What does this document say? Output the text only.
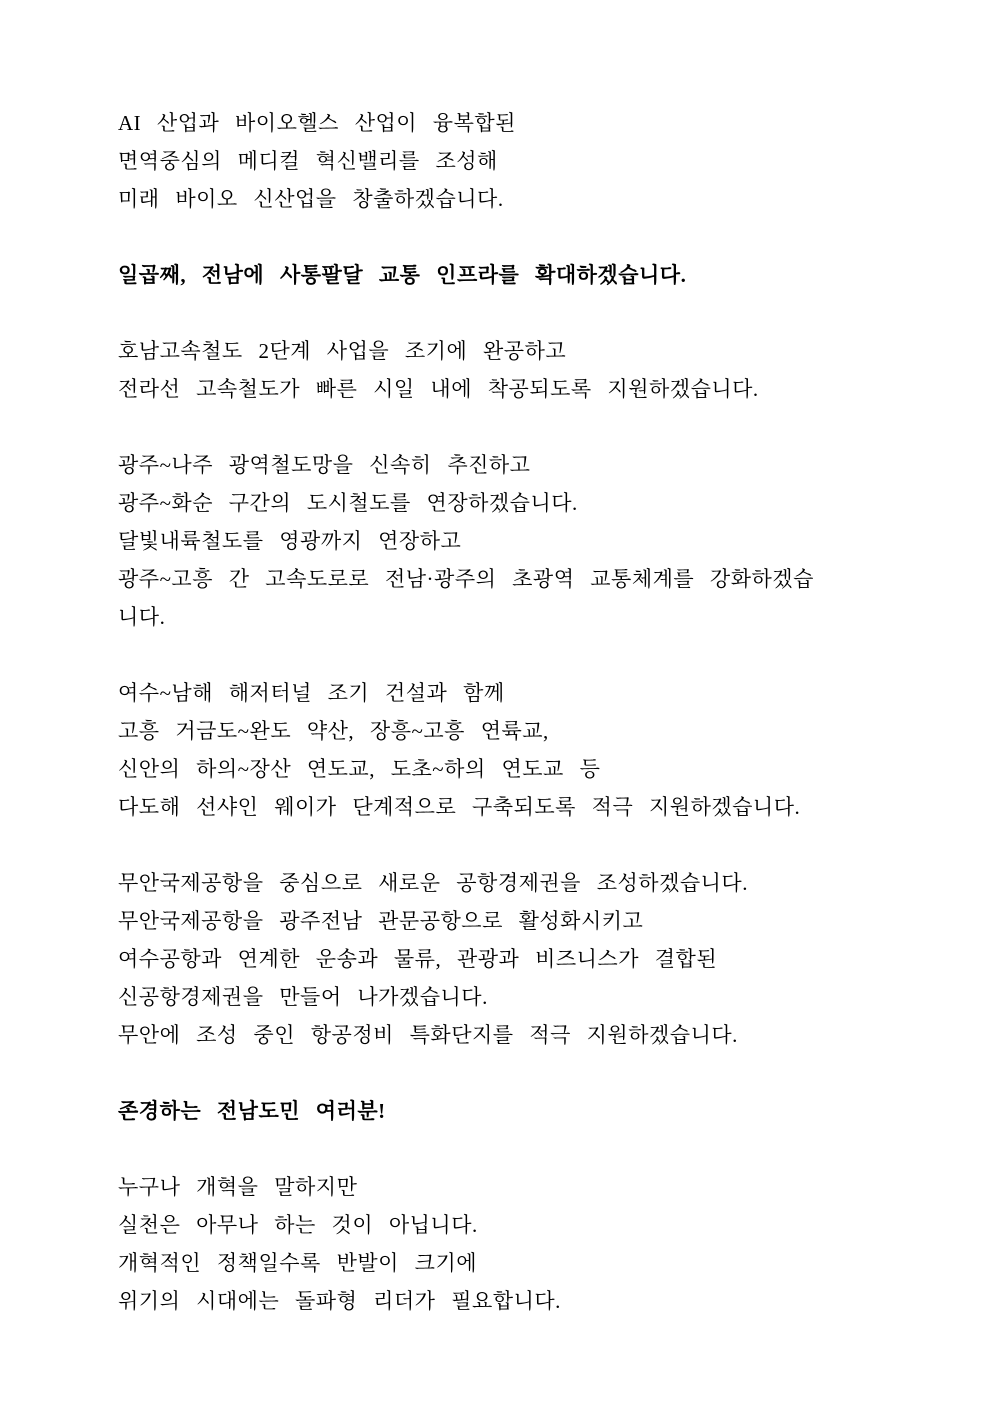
AI 산업과 바이오헬스 산업이 융복합된
면역중심의 메디컬 혁신밸리를 조성해
미래 바이오 신산업을 창출하겠습니다.
일곱째, 전남에 사통팔달 교통 인프라를 확대하겠습니다.
호남고속철도 2단계 사업을 조기에 완공하고
전라선 고속철도가 빠른 시일 내에 착공되도록 지원하겠습니다.
광주~나주 광역철도망을 신속히 추진하고
광주~화순 구간의 도시철도를 연장하겠습니다.
달빛내륙철도를 영광까지 연장하고
광주~고흥 간 고속도로로 전남·광주의 초광역 교통체계를 강화하겠습
니다.
여수~남해 해저터널 조기 건설과 함께
고흥 거금도~완도 약산, 장흥~고흥 연륙교,
신안의 하의~장산 연도교, 도초~하의 연도교 등
다도해 선샤인 웨이가 단계적으로 구축되도록 적극 지원하겠습니다.
무안국제공항을 중심으로 새로운 공항경제권을 조성하겠습니다.
무안국제공항을 광주전남 관문공항으로 활성화시키고
여수공항과 연계한 운송과 물류, 관광과 비즈니스가 결합된
신공항경제권을 만들어 나가겠습니다.
무안에 조성 중인 항공정비 특화단지를 적극 지원하겠습니다.
존경하는 전남도민 여러분!
누구나 개혁을 말하지만
실천은 아무나 하는 것이 아닙니다.
개혁적인 정책일수록 반발이 크기에
위기의 시대에는 돌파형 리더가 필요합니다.
